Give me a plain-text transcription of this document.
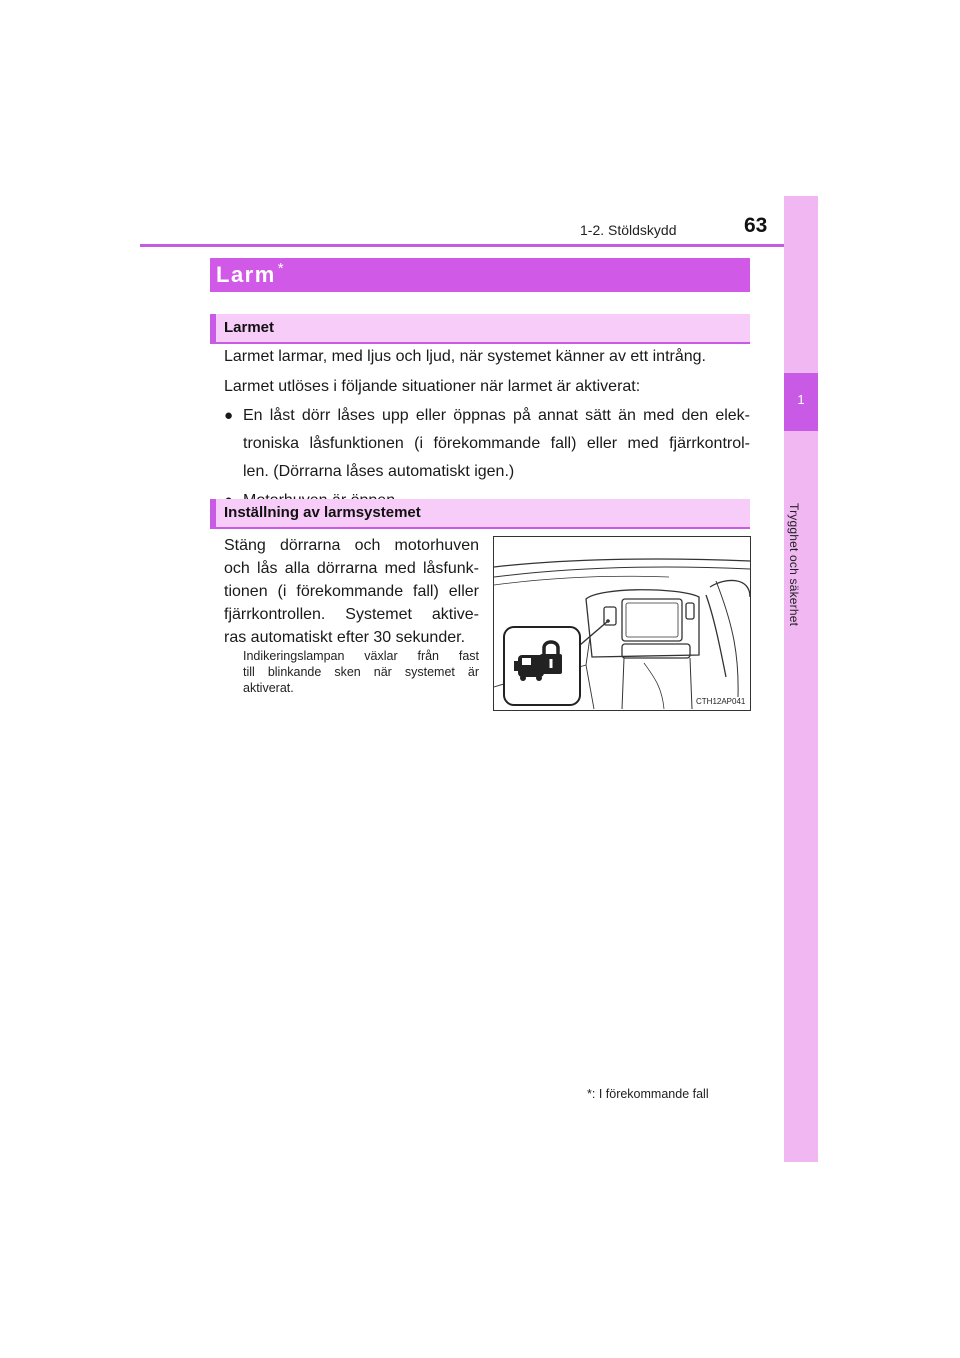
1-2. Stöldskydd	63
1
Trygghet och säkerhet
Larm *
Larmet
Larmet larmar, med ljus och ljud, när systemet känner av ett intrång.
Larmet utlöses i följande situationer när larmet är aktiverat:
● En låst dörr låses upp eller öppnas på annat sätt än med den elek-
troniska låsfunktionen (i förekommande fall) eller med fjärrkontrol-
len. (Dörrarna låses automatiskt igen.)
Inställning av larmsystemet
Stäng dörrarna och motorhuven
och lås alla dörrarna med låsfunk-
tionen (i förekommande fall) eller
fjärrkontrollen. Systemet aktive-
ras automatiskt efter 30 sekunder.
Indikeringslampan växlar från fast
till blinkande sken när systemet är
aktiverat.
CTH12AP041
*: I förekommande fall
